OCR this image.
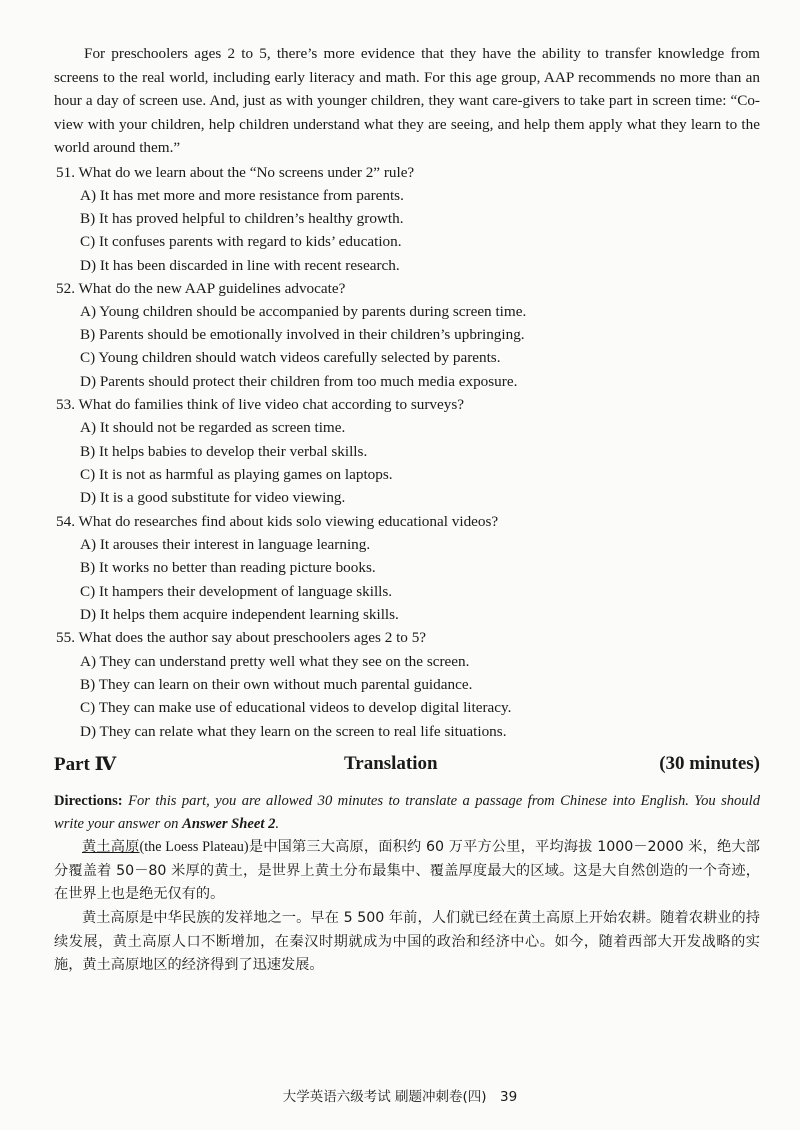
For preschoolers ages 2 to 5, there’s more evidence that they have the ability to transfer knowledge from screens to the real world, including early literacy and math. For this age group, AAP recommends no more than an hour a day of screen use. And, just as with younger children, they want care-givers to take part in screen time: “Co-view with your children, help children understand what they are seeing, and help them apply what they learn to the world around them.”

51. What do we learn about the “No screens under 2” rule?
A) It has met more and more resistance from parents.
B) It has proved helpful to children’s healthy growth.
C) It confuses parents with regard to kids’ education.
D) It has been discarded in line with recent research.
52. What do the new AAP guidelines advocate?
A) Young children should be accompanied by parents during screen time.
B) Parents should be emotionally involved in their children’s upbringing.
C) Young children should watch videos carefully selected by parents.
D) Parents should protect their children from too much media exposure.
53. What do families think of live video chat according to surveys?
A) It should not be regarded as screen time.
B) It helps babies to develop their verbal skills.
C) It is not as harmful as playing games on laptops.
D) It is a good substitute for video viewing.
54. What do researches find about kids solo viewing educational videos?
A) It arouses their interest in language learning.
B) It works no better than reading picture books.
C) It hampers their development of language skills.
D) It helps them acquire independent learning skills.
55. What does the author say about preschoolers ages 2 to 5?
A) They can understand pretty well what they see on the screen.
B) They can learn on their own without much parental guidance.
C) They can make use of educational videos to develop digital literacy.
D) They can relate what they learn on the screen to real life situations.
Part Ⅳ	Translation	(30 minutes)

Directions: For this part, you are allowed 30 minutes to translate a passage from Chinese into English. You should write your answer on Answer Sheet 2.

黄土高原(the Loess Plateau)是中国第三大高原，面积约 60 万平方公里，平均海拔 1000－2000 米，绝大部分覆盖着 50－80 米厚的黄土，是世界上黄土分布最集中、覆盖厚度最大的区域。这是大自然创造的一个奇迹，在世界上也是绝无仅有的。

黄土高原是中华民族的发祥地之一。早在 5 500 年前，人们就已经在黄土高原上开始农耕。随着农耕业的持续发展，黄土高原人口不断增加，在秦汉时期就成为中国的政治和经济中心。如今，随着西部大开发战略的实施，黄土高原地区的经济得到了迅速发展。

大学英语六级考试 刷题冲刺卷(四)　39
